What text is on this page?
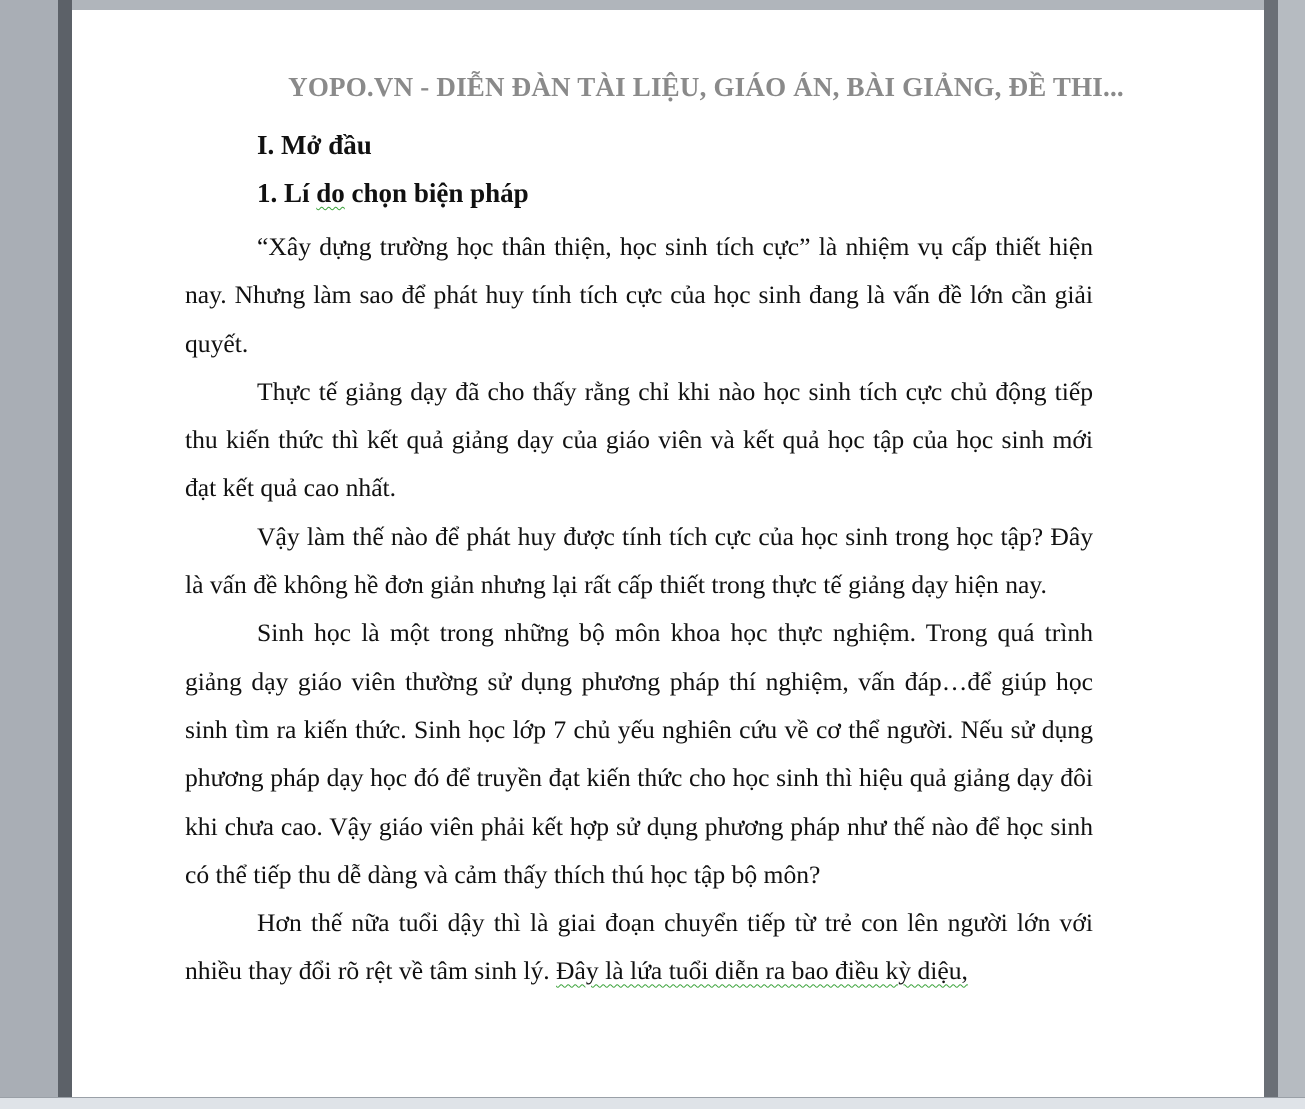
YOPO.VN - DIỄN ĐÀN TÀI LIỆU, GIÁO ÁN, BÀI GIẢNG, ĐỀ THI...
I. Mở đầu
1. Lí do chọn biện pháp

“Xây dựng trường học thân thiện, học sinh tích cực” là nhiệm vụ cấp thiết hiện nay. Nhưng làm sao để phát huy tính tích cực của học sinh đang là vấn đề lớn cần giải quyết.

Thực tế giảng dạy đã cho thấy rằng chỉ khi nào học sinh tích cực chủ động tiếp thu kiến thức thì kết quả giảng dạy của giáo viên và kết quả học tập của học sinh mới đạt kết quả cao nhất.

Vậy làm thế nào để phát huy được tính tích cực của học sinh trong học tập? Đây là vấn đề không hề đơn giản nhưng lại rất cấp thiết trong thực tế giảng dạy hiện nay.

Sinh học là một trong những bộ môn khoa học thực nghiệm. Trong quá trình giảng dạy giáo viên thường sử dụng phương pháp thí nghiệm, vấn đáp…để giúp học sinh tìm ra kiến thức. Sinh học lớp 7 chủ yếu nghiên cứu về cơ thể người. Nếu sử dụng phương pháp dạy học đó để truyền đạt kiến thức cho học sinh thì hiệu quả giảng dạy đôi khi chưa cao. Vậy giáo viên phải kết hợp sử dụng phương pháp như thế nào để học sinh có thể tiếp thu dễ dàng và cảm thấy thích thú học tập bộ môn?

Hơn thế nữa tuổi dậy thì là giai đoạn chuyển tiếp từ trẻ con lên người lớn với nhiều thay đổi rõ rệt về tâm sinh lý. Đây là lứa tuổi diễn ra bao điều kỳ diệu,
